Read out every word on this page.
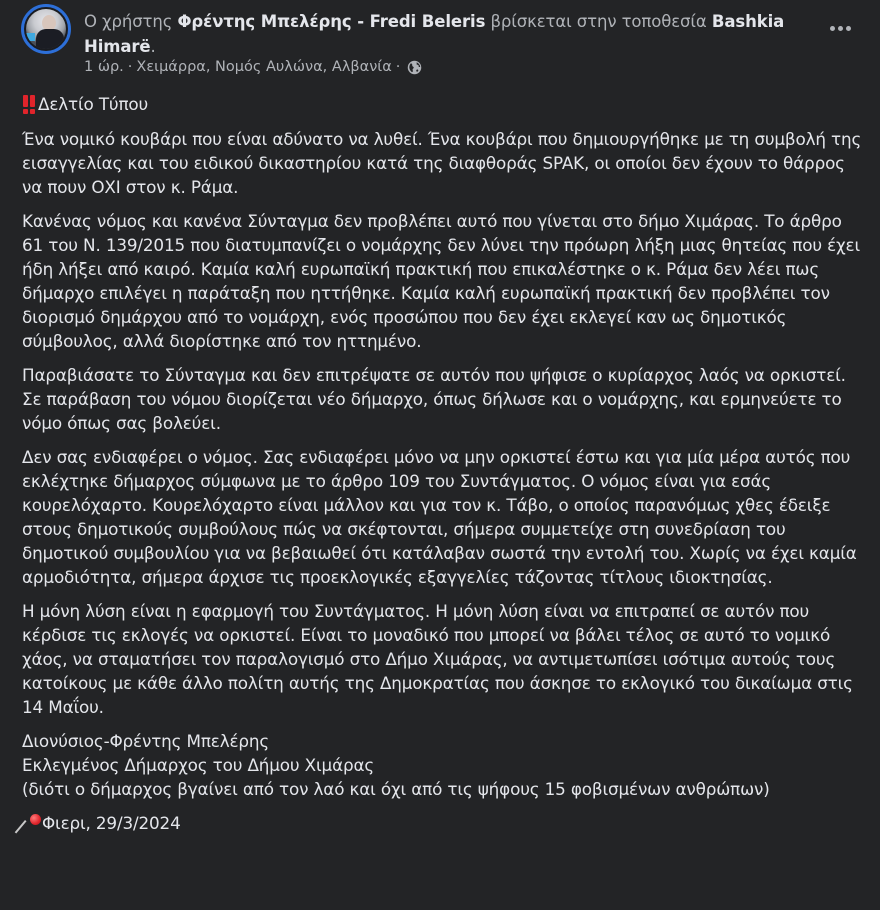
Ο χρήστης Φρέντης Μπελέρης - Fredi Beleris βρίσκεται στην τοποθεσία Bashkia Himarë.
1 ώρ. · Χειμάρρα, Νομός Αυλώνα, Αλβανία ·

Δελτίο Τύπου

Ένα νομικό κουβάρι που είναι αδύνατο να λυθεί. Ένα κουβάρι που δημιουργήθηκε με τη συμβολή της εισαγγελίας και του ειδικού δικαστηρίου κατά της διαφθοράς SPAK, οι οποίοι δεν έχουν το θάρρος να πουν ΟΧΙ στον κ. Ράμα.

Κανένας νόμος και κανένα Σύνταγμα δεν προβλέπει αυτό που γίνεται στο δήμο Χιμάρας. Το άρθρο 61 του Ν. 139/2015 που διατυμπανίζει ο νομάρχης δεν λύνει την πρόωρη λήξη μιας θητείας που έχει ήδη λήξει από καιρό. Καμία καλή ευρωπαϊκή πρακτική που επικαλέστηκε ο κ. Ράμα δεν λέει πως δήμαρχο επιλέγει η παράταξη που ηττήθηκε. Καμία καλή ευρωπαϊκή πρακτική δεν προβλέπει τον διορισμό δημάρχου από το νομάρχη, ενός προσώπου που δεν έχει εκλεγεί καν ως δημοτικός σύμβουλος, αλλά διορίστηκε από τον ηττημένο.

Παραβιάσατε το Σύνταγμα και δεν επιτρέψατε σε αυτόν που ψήφισε ο κυρίαρχος λαός να ορκιστεί. Σε παράβαση του νόμου διορίζεται νέο δήμαρχο, όπως δήλωσε και ο νομάρχης, και ερμηνεύετε το νόμο όπως σας βολεύει.

Δεν σας ενδιαφέρει ο νόμος. Σας ενδιαφέρει μόνο να μην ορκιστεί έστω και για μία μέρα αυτός που εκλέχτηκε δήμαρχος σύμφωνα με το άρθρο 109 του Συντάγματος. Ο νόμος είναι για εσάς κουρελόχαρτο. Κουρελόχαρτο είναι μάλλον και για τον κ. Τάβο, ο οποίος παρανόμως χθες έδειξε στους δημοτικούς συμβούλους πώς να σκέφτονται, σήμερα συμμετείχε στη συνεδρίαση του δημοτικού συμβουλίου για να βεβαιωθεί ότι κατάλαβαν σωστά την εντολή του. Χωρίς να έχει καμία αρμοδιότητα, σήμερα άρχισε τις προεκλογικές εξαγγελίες τάζοντας τίτλους ιδιοκτησίας.

Η μόνη λύση είναι η εφαρμογή του Συντάγματος. Η μόνη λύση είναι να επιτραπεί σε αυτόν που κέρδισε τις εκλογές να ορκιστεί. Είναι το μοναδικό που μπορεί να βάλει τέλος σε αυτό το νομικό χάος, να σταματήσει τον παραλογισμό στο Δήμο Χιμάρας, να αντιμετωπίσει ισότιμα αυτούς τους κατοίκους με κάθε άλλο πολίτη αυτής της Δημοκρατίας που άσκησε το εκλογικό του δικαίωμα στις 14 Μαΐου.

Διονύσιος-Φρέντης Μπελέρης

Εκλεγμένος Δήμαρχος του Δήμου Χιμάρας

(διότι ο δήμαρχος βγαίνει από τον λαό και όχι από τις ψήφους 15 φοβισμένων ανθρώπων)

Φιερι, 29/3/2024
